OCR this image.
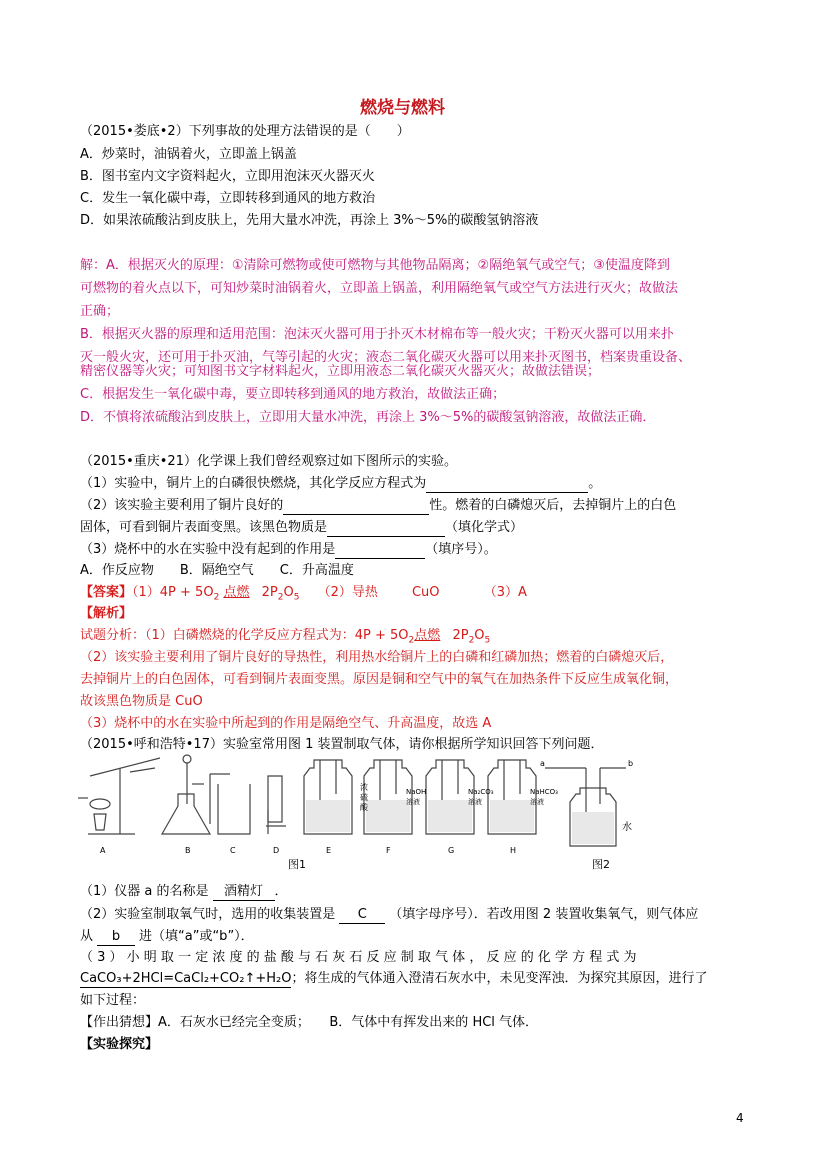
燃烧与燃料
（2015•娄底•2）下列事故的处理方法错误的是（　　）
A．炒菜时，油锅着火，立即盖上锅盖
B．图书室内文字资料起火，立即用泡沫灭火器灭火
C．发生一氧化碳中毒，立即转移到通风的地方救治
D．如果浓硫酸沾到皮肤上，先用大量水冲洗，再涂上 3%～5%的碳酸氢钠溶液
解：A．根据灭火的原理：①清除可燃物或使可燃物与其他物品隔离；②隔绝氧气或空气；③使温度降到
可燃物的着火点以下，可知炒菜时油锅着火，立即盖上锅盖，利用隔绝氧气或空气方法进行灭火；故做法
正确；
B．根据灭火器的原理和适用范围：泡沫灭火器可用于扑灭木材棉布等一般火灾；干粉灭火器可以用来扑
灭一般火灾，还可用于扑灭油，气等引起的火灾；液态二氧化碳灭火器可以用来扑灭图书，档案贵重设备、
精密仪器等火灾；可知图书文字材料起火，立即用液态二氧化碳灭火器灭火；故做法错误；
C．根据发生一氧化碳中毒，要立即转移到通风的地方救治，故做法正确；
D．不慎将浓硫酸沾到皮肤上，立即用大量水冲洗，再涂上 3%～5%的碳酸氢钠溶液，故做法正确．
（2015•重庆•21）化学课上我们曾经观察过如下图所示的实验。
（1）实验中，铜片上的白磷很快燃烧，其化学反应方程式为	。
（2）该实验主要利用了铜片良好的	性。燃着的白磷熄灭后，去掉铜片上的白色
固体，可看到铜片表面变黑。该黑色物质是	（填化学式）
（3）烧杯中的水在实验中没有起到的作用是	（填序号）。
A．作反应物　　B．隔绝空气　　C．升高温度
【答案】$(1)4P + 5O_2$ 点燃 $2P_2O_5$ （2）导热	CuO	（3）A
【解析】
试题分析：（1）白磷燃烧的化学反应方程式为：$4P + 5O_2$点燃 $2P_2O_5$
（2）该实验主要利用了铜片良好的导热性，利用热水给铜片上的白磷和红磷加热；燃着的白磷熄灭后，
去掉铜片上的白色固体，可看到铜片表面变黑。原因是铜和空气中的氧气在加热条件下反应生成氧化铜，
故该黑色物质是 CuO
（3）烧杯中的水在实验中所起到的作用是隔绝空气、升高温度，故选 A
（2015•呼和浩特•17）实验室常用图 1 装置制取气体，请你根据所学知识回答下列问题．
A	B	C	D	E	F	G	H
浓
硫
酸
NaOH
溶液
Na₂CO₃
溶液
NaHCO₃
溶液
a	b
水
图1	图2
（1）仪器 a 的名称是 酒精灯 ．
（2）实验室制取氧气时，选用的收集装置是 C （填字母序号）．若改用图 2 装置收集氧气，则气体应
从 b 进（填“a”或“b”）．
（ 3 ） 小 明 取 一 定 浓 度 的 盐 酸 与 石 灰 石 反 应 制 取 气 体 ， 反 应 的 化 学 方 程 式 为
CaCO₃+2HCl=CaCl₂+CO₂↑+H₂O；将生成的气体通入澄清石灰水中，未见变浑浊．为探究其原因，进行了
如下过程：
【作出猜想】A．石灰水已经完全变质；　　B．气体中有挥发出来的 HCl 气体．
【实验探究】
4
